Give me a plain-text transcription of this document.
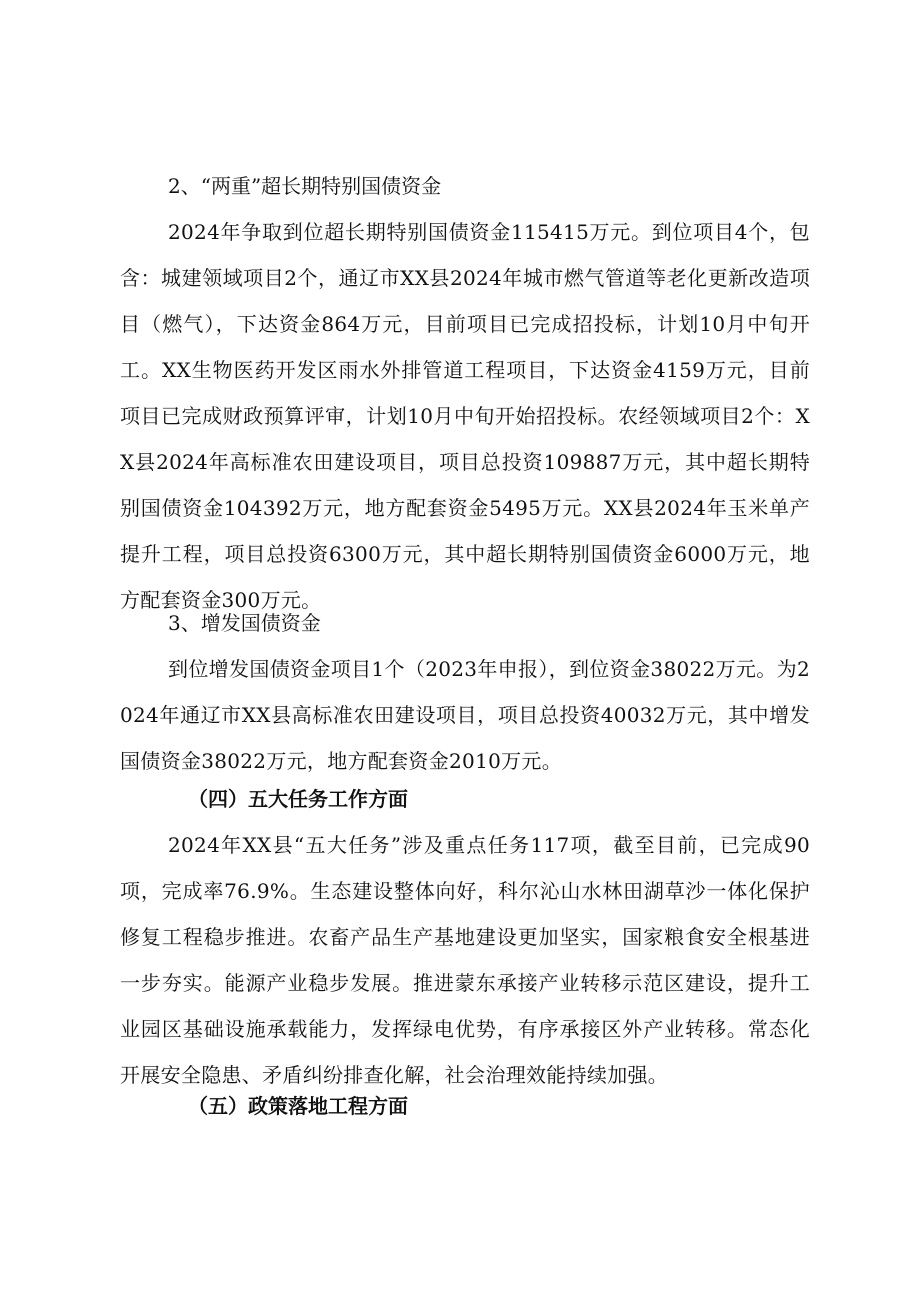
2、“两重”超长期特别国债资金
2024年争取到位超长期特别国债资金115415万元。到位项目4个，包含：城建领域项目2个，通辽市XX县2024年城市燃气管道等老化更新改造项目（燃气），下达资金864万元，目前项目已完成招投标，计划10月中旬开工。XX生物医药开发区雨水外排管道工程项目，下达资金4159万元，目前项目已完成财政预算评审，计划10月中旬开始招投标。农经领域项目2个：XX县2024年高标准农田建设项目，项目总投资109887万元，其中超长期特别国债资金104392万元，地方配套资金5495万元。XX县2024年玉米单产提升工程，项目总投资6300万元，其中超长期特别国债资金6000万元，地方配套资金300万元。
3、增发国债资金
到位增发国债资金项目1个（2023年申报），到位资金38022万元。为2024年通辽市XX县高标准农田建设项目，项目总投资40032万元，其中增发国债资金38022万元，地方配套资金2010万元。
（四）五大任务工作方面
2024年XX县“五大任务”涉及重点任务117项，截至目前，已完成90项，完成率76.9%。生态建设整体向好，科尔沁山水林田湖草沙一体化保护修复工程稳步推进。农畜产品生产基地建设更加坚实，国家粮食安全根基进一步夯实。能源产业稳步发展。推进蒙东承接产业转移示范区建设，提升工业园区基础设施承载能力，发挥绿电优势，有序承接区外产业转移。常态化开展安全隐患、矛盾纠纷排查化解，社会治理效能持续加强。
（五）政策落地工程方面
